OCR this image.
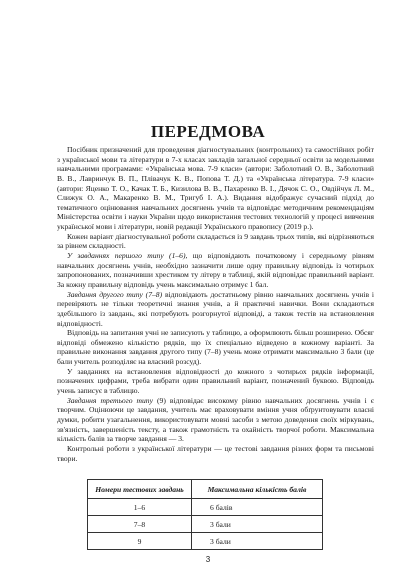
ПЕРЕДМОВА

Посібник призначений для проведення діагностувальних (контрольних) та самостійних робіт з української мови та літератури в 7-х класах закладів загальної середньої освіти за модельними навчальними програмами: «Українська мова. 7-9 класи» (автори: Заболотний О. В., Заболотний В. В., Лавринчук В. П., Плівачук К. В., Попова Т. Д.) та «Українська література. 7-9 класи» (автори: Яценко Т. О., Качак Т. Б., Кизилова В. В., Пахаренко В. І., Дячок С. О., Овдійчук Л. М., Слижук О. А., Макаренко В. М., Тригуб І. А.). Видання відображує сучасний підхід до тематичного оцінювання навчальних досягнень учнів та відповідає методичним рекомендаціям Міністерства освіти і науки України щодо використання тестових технологій у процесі вивчення української мови і літератури, новій редакції Українського правопису (2019 р.).

Кожен варіант діагностувальної роботи складається із 9 завдань трьох типів, які відрізняються за рівнем складності.

У завданнях першого типу (1–6), що відповідають початковому і середньому рівням навчальних досягнень учнів, необхідно зазначити лише одну правильну відповідь із чотирьох запропонованих, позначивши хрестиком ту літеру в таблиці, якій відповідає правильний варіант. За кожну правильну відповідь учень максимально отримує 1 бал.

Завдання другого типу (7–8) відповідають достатньому рівню навчальних досягнень учнів і перевіряють не тільки теоретичні знання учнів, а й практичні навички. Вони складаються здебільшого із завдань, які потребують розгорнутої відповіді, а також тестів на встановлення відповідності.

Відповідь на запитання учні не записують у таблицю, а оформлюють більш розширено. Обсяг відповіді обмежено кількістю рядків, що їх спеціально відведено в кожному варіанті. За правильне виконання завдання другого типу (7–8) учень може отримати максимально 3 бали (це бали учитель розподіляє на власний розсуд).

У завданнях на встановлення відповідності до кожного з чотирьох рядків інформації, позначених цифрами, треба вибрати один правильний варіант, позначений буквою. Відповідь учень записує в таблицю.

Завдання третього типу (9) відповідає високому рівню навчальних досягнень учнів і є творчим. Оцінюючи це завдання, учитель має враховувати вміння учня обґрунтовувати власні думки, робити узагальнення, використовувати мовні засоби з метою доведення своїх міркувань, зв'язність, завершеність тексту, а також грамотність та охайність творчої роботи. Максимальна кількість балів за творче завдання — 3.

Контрольні роботи з української літератури — це тестові завдання різних форм та письмові твори.

Номери тестових завдань	Максимальна кількість балів
1–6	6 балів
7–8	3 бали
9	3 бали
3
